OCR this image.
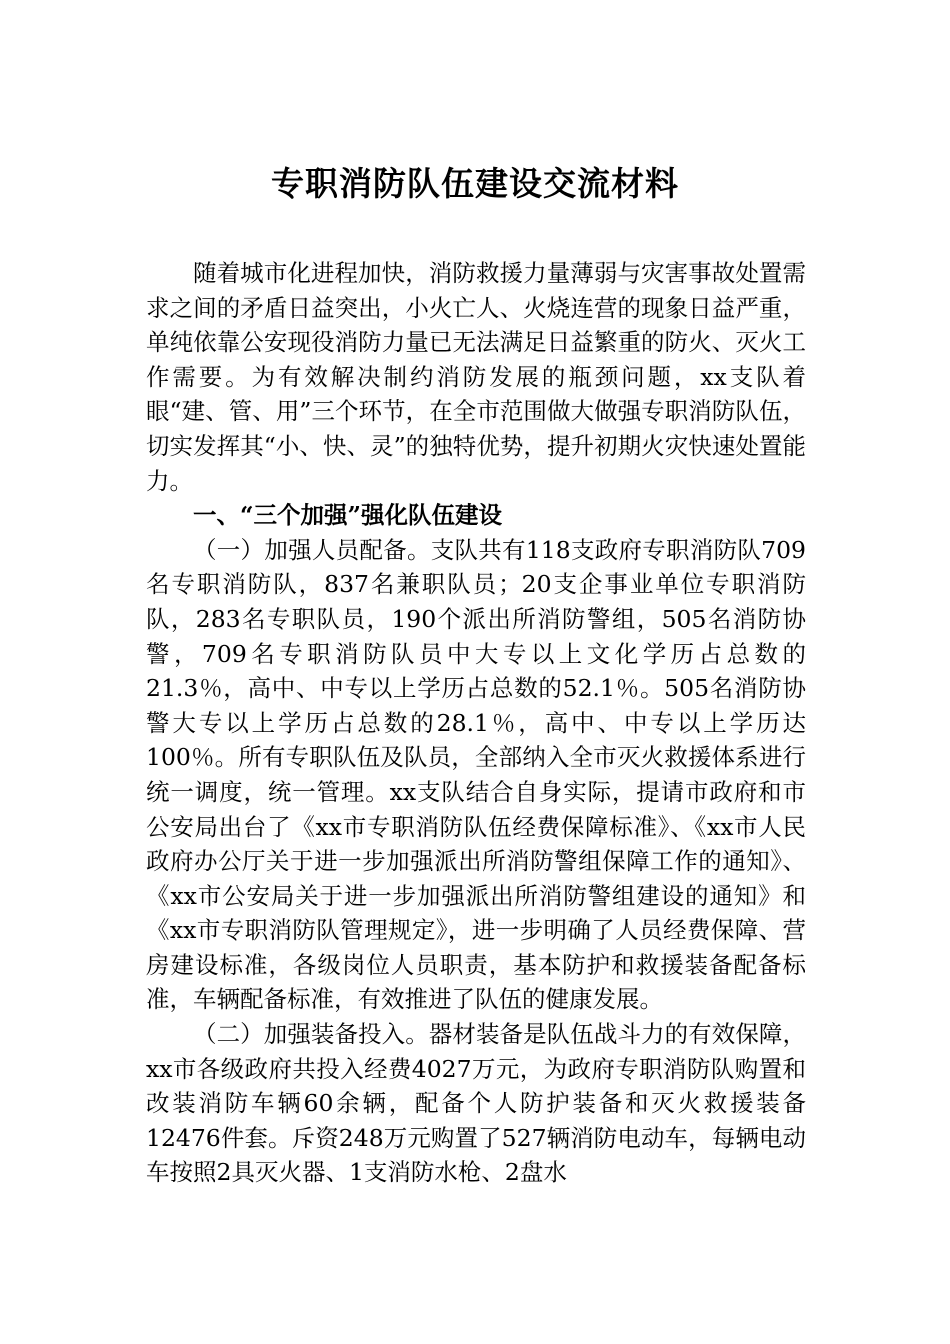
专职消防队伍建设交流材料

随着城市化进程加快，消防救援力量薄弱与灾害事故处置需求之间的矛盾日益突出，小火亡人、火烧连营的现象日益严重，单纯依靠公安现役消防力量已无法满足日益繁重的防火、灭火工作需要。为有效解决制约消防发展的瓶颈问题，xx支队着眼“建、管、用”三个环节，在全市范围做大做强专职消防队伍，切实发挥其“小、快、灵”的独特优势，提升初期火灾快速处置能力。

一、“三个加强”强化队伍建设

（一）加强人员配备。支队共有118支政府专职消防队709名专职消防队，837名兼职队员；20支企事业单位专职消防队，283名专职队员，190个派出所消防警组，505名消防协警，709名专职消防队员中大专以上文化学历占总数的21.3％，高中、中专以上学历占总数的52.1％。505名消防协警大专以上学历占总数的28.1％，高中、中专以上学历达100％。所有专职队伍及队员，全部纳入全市灭火救援体系进行统一调度，统一管理。xx支队结合自身实际，提请市政府和市公安局出台了《xx市专职消防队伍经费保障标准》、《xx市人民政府办公厅关于进一步加强派出所消防警组保障工作的通知》、《xx市公安局关于进一步加强派出所消防警组建设的通知》和《xx市专职消防队管理规定》，进一步明确了人员经费保障、营房建设标准，各级岗位人员职责，基本防护和救援装备配备标准，车辆配备标准，有效推进了队伍的健康发展。

（二）加强装备投入。器材装备是队伍战斗力的有效保障，xx市各级政府共投入经费4027万元，为政府专职消防队购置和改装消防车辆60余辆，配备个人防护装备和灭火救援装备12476件套。斥资248万元购置了527辆消防电动车，每辆电动车按照2具灭火器、1支消防水枪、2盘水
